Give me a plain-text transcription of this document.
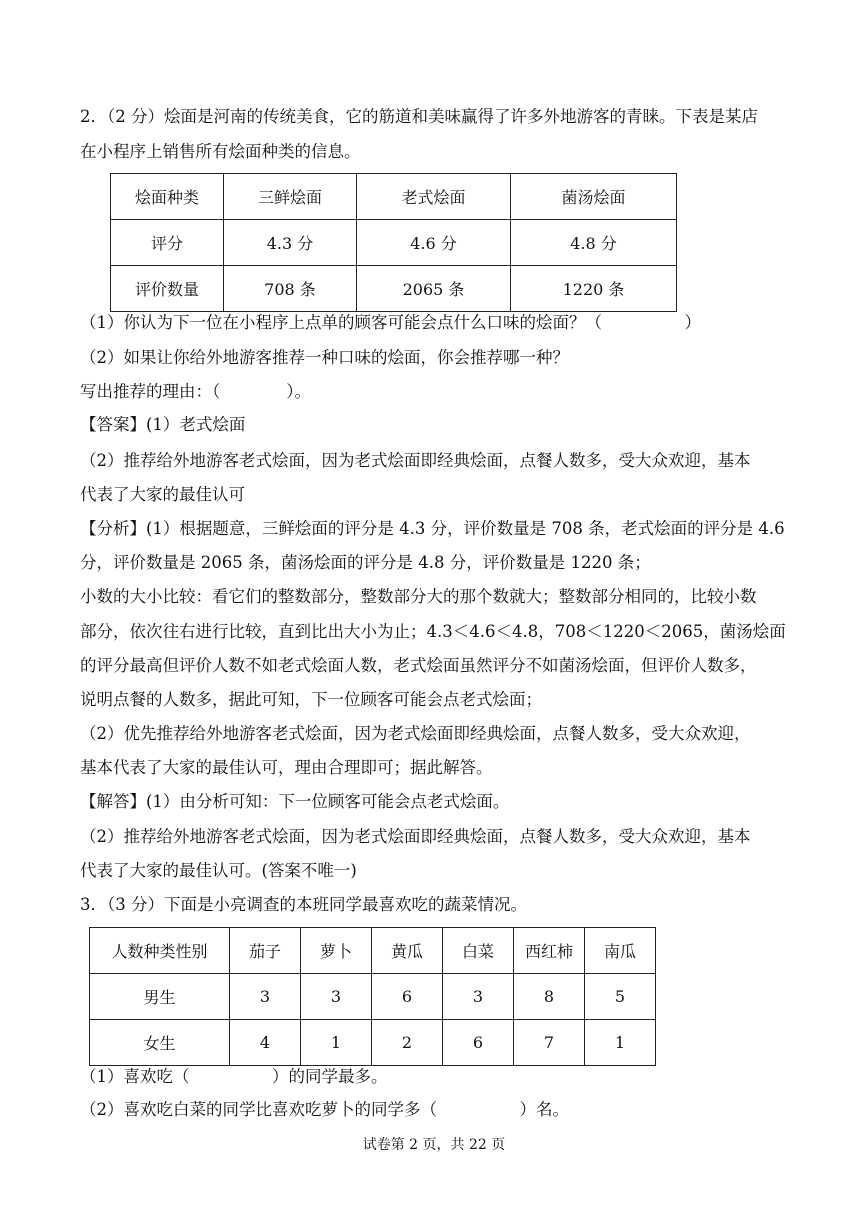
2．（2 分）烩面是河南的传统美食，它的筋道和美味赢得了许多外地游客的青睐。下表是某店
在小程序上销售所有烩面种类的信息。
烩面种类	三鲜烩面	老式烩面	菌汤烩面
评分	4.3 分	4.6 分	4.8 分
评价数量	708 条	2065 条	1220 条
（1）你认为下一位在小程序上点单的顾客可能会点什么口味的烩面？（　　　　　）
（2）如果让你给外地游客推荐一种口味的烩面，你会推荐哪一种？
写出推荐的理由：（　　　　）。
【答案】(1）老式烩面
（2）推荐给外地游客老式烩面，因为老式烩面即经典烩面，点餐人数多，受大众欢迎，基本
代表了大家的最佳认可
【分析】(1）根据题意，三鲜烩面的评分是 4.3 分，评价数量是 708 条，老式烩面的评分是 4.6
分，评价数量是 2065 条，菌汤烩面的评分是 4.8 分，评价数量是 1220 条；
小数的大小比较：看它们的整数部分，整数部分大的那个数就大；整数部分相同的，比较小数
部分，依次往右进行比较，直到比出大小为止；4.3＜4.6＜4.8，708＜1220＜2065，菌汤烩面
的评分最高但评价人数不如老式烩面人数，老式烩面虽然评分不如菌汤烩面，但评价人数多，
说明点餐的人数多，据此可知，下一位顾客可能会点老式烩面；
（2）优先推荐给外地游客老式烩面，因为老式烩面即经典烩面，点餐人数多，受大众欢迎，
基本代表了大家的最佳认可，理由合理即可；据此解答。
【解答】(1）由分析可知：下一位顾客可能会点老式烩面。
（2）推荐给外地游客老式烩面，因为老式烩面即经典烩面，点餐人数多，受大众欢迎，基本
代表了大家的最佳认可。(答案不唯一)
3．（3 分）下面是小亮调查的本班同学最喜欢吃的蔬菜情况。
人数种类性别	茄子	萝卜	黄瓜	白菜	西红柿	南瓜
男生	3	3	6	3	8	5
女生	4	1	2	6	7	1
（1）喜欢吃（　　　　　）的同学最多。
（2）喜欢吃白菜的同学比喜欢吃萝卜的同学多（　　　　　）名。
试卷第 2 页，共 22 页
